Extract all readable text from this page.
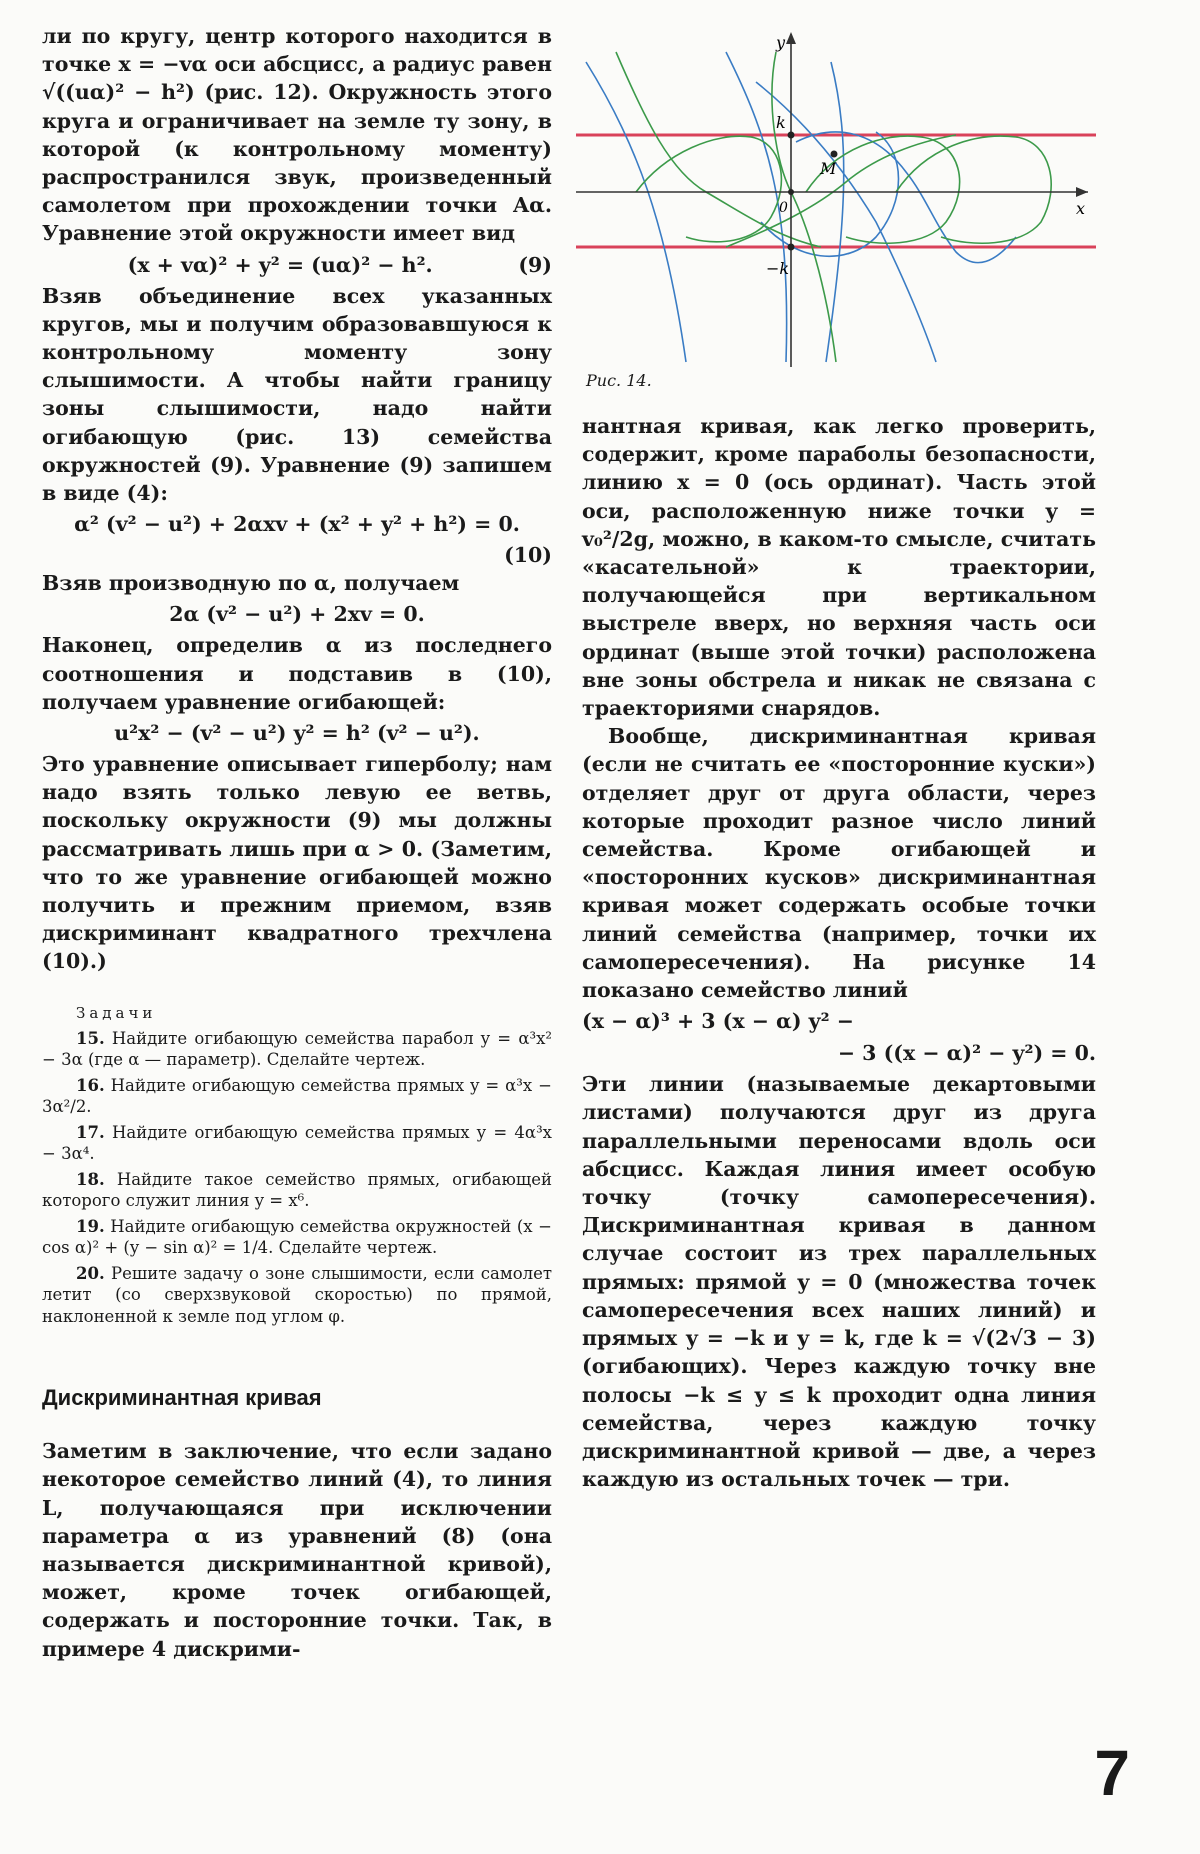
ли по кругу, центр которого находится в точке x = −vα оси абсцисс, а радиус равен √((uα)² − h²) (рис. 12). Окружность этого круга и ограничивает на земле ту зону, в которой (к контрольному моменту) распространился звук, произведенный самолетом при прохождении точки Aα. Уравнение этой окружности имеет вид

(x + vα)² + y² = (uα)² − h².	(9)

Взяв объединение всех указанных кругов, мы и получим образовавшуюся к контрольному моменту зону слышимости. А чтобы найти границу зоны слышимости, надо найти огибающую (рис. 13) семейства окружностей (9). Уравнение (9) запишем в виде (4):

α² (v² − u²) + 2αxv + (x² + y² + h²) = 0.
(10)

Взяв производную по α, получаем

2α (v² − u²) + 2xv = 0.

Наконец, определив α из последнего соотношения и подставив в (10), получаем уравнение огибающей:

u²x² − (v² − u²) y² = h² (v² − u²).

Это уравнение описывает гиперболу; нам надо взять только левую ее ветвь, поскольку окружности (9) мы должны рассматривать лишь при α > 0. (Заметим, что то же уравнение огибающей можно получить и прежним приемом, взяв дискриминант квадратного трехчлена (10).)

Задачи

15. Найдите огибающую семейства парабол y = α³x² − 3α (где α — параметр). Сделайте чертеж.

16. Найдите огибающую семейства прямых y = α³x − 3α²/2.

17. Найдите огибающую семейства прямых y = 4α³x − 3α⁴.

18. Найдите такое семейство прямых, огибающей которого служит линия y = x⁶.

19. Найдите огибающую семейства окружностей (x − cos α)² + (y − sin α)² = 1/4. Сделайте чертеж.

20. Решите задачу о зоне слышимости, если самолет летит (со сверхзвуковой скоростью) по прямой, наклоненной к земле под углом φ.

Дискриминантная кривая

Заметим в заключение, что если задано некоторое семейство линий (4), то линия L, получающаяся при исключении параметра α из уравнений (8) (она называется дискриминантной кривой), может, кроме точек огибающей, содержать и посторонние точки. Так, в примере 4 дискрими-

y
x
k
−k
M
0
Рис. 14.

нантная кривая, как легко проверить, содержит, кроме параболы безопасности, линию x = 0 (ось ординат). Часть этой оси, расположенную ниже точки y = v₀²/2g, можно, в каком-то смысле, считать «касательной» к траектории, получающейся при вертикальном выстреле вверх, но верхняя часть оси ординат (выше этой точки) расположена вне зоны обстрела и никак не связана с траекториями снарядов.

Вообще, дискриминантная кривая (если не считать ее «посторонние куски») отделяет друг от друга области, через которые проходит разное число линий семейства. Кроме огибающей и «посторонних кусков» дискриминантная кривая может содержать особые точки линий семейства (например, точки их самопересечения). На рисунке 14 показано семейство линий

(x − α)³ + 3 (x − α) y² −
− 3 ((x − α)² − y²) = 0.

Эти линии (называемые декартовыми листами) получаются друг из друга параллельными переносами вдоль оси абсцисс. Каждая линия имеет особую точку (точку самопересечения). Дискриминантная кривая в данном случае состоит из трех параллельных прямых: прямой y = 0 (множества точек самопересечения всех наших линий) и прямых y = −k и y = k, где k = √(2√3 − 3) (огибающих). Через каждую точку вне полосы −k ≤ y ≤ k проходит одна линия семейства, через каждую точку дискриминантной кривой — две, а через каждую из остальных точек — три.

7
